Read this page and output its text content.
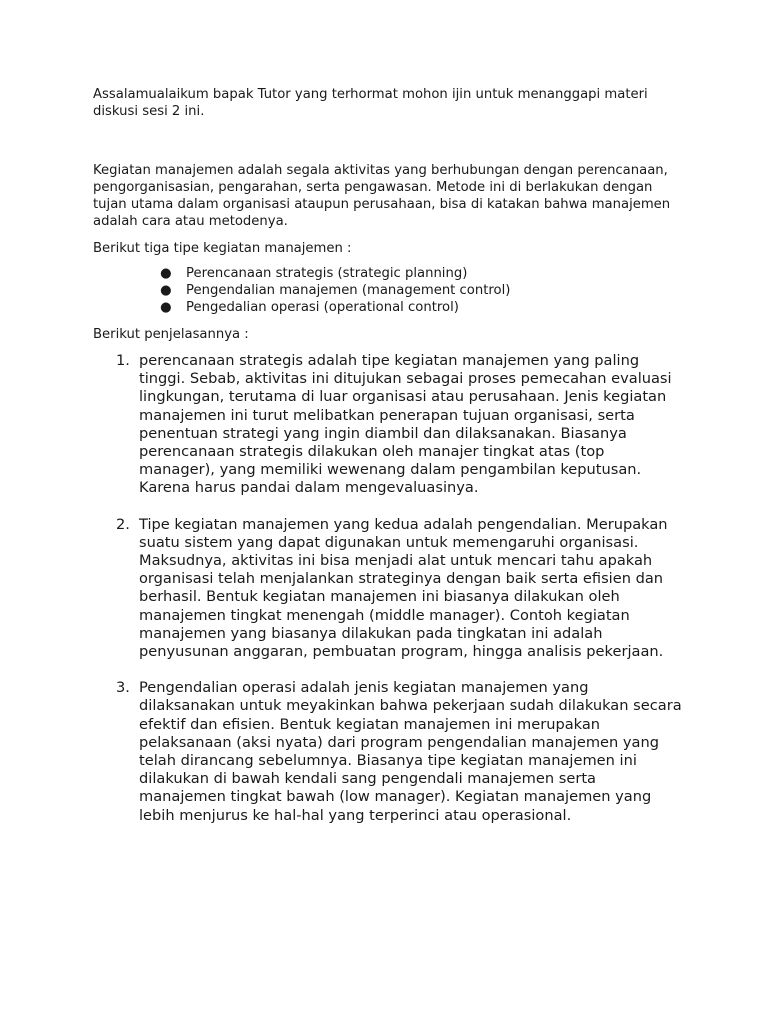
Assalamualaikum bapak Tutor yang terhormat mohon ijin untuk menanggapi materi diskusi sesi 2 ini.

Kegiatan manajemen adalah segala aktivitas yang berhubungan dengan perencanaan, pengorganisasian, pengarahan, serta pengawasan. Metode ini di berlakukan dengan tujan utama dalam organisasi ataupun perusahaan, bisa di katakan bahwa manajemen adalah cara atau metodenya.

Berikut tiga tipe kegiatan manajemen :

● Perencanaan strategis (strategic planning)
● Pengendalian manajemen (management control)
● Pengedalian operasi (operational control)

Berikut penjelasannya :

1. perencanaan strategis adalah tipe kegiatan manajemen yang paling tinggi. Sebab, aktivitas ini ditujukan sebagai proses pemecahan evaluasi lingkungan, terutama di luar organisasi atau perusahaan. Jenis kegiatan manajemen ini turut melibatkan penerapan tujuan organisasi, serta penentuan strategi yang ingin diambil dan dilaksanakan. Biasanya perencanaan strategis dilakukan oleh manajer tingkat atas (top manager), yang memiliki wewenang dalam pengambilan keputusan. Karena harus pandai dalam mengevaluasinya.
2. Tipe kegiatan manajemen yang kedua adalah pengendalian. Merupakan suatu sistem yang dapat digunakan untuk memengaruhi organisasi. Maksudnya, aktivitas ini bisa menjadi alat untuk mencari tahu apakah organisasi telah menjalankan strateginya dengan baik serta efisien dan berhasil. Bentuk kegiatan manajemen ini biasanya dilakukan oleh manajemen tingkat menengah (middle manager). Contoh kegiatan manajemen yang biasanya dilakukan pada tingkatan ini adalah penyusunan anggaran, pembuatan program, hingga analisis pekerjaan.
3. Pengendalian operasi adalah jenis kegiatan manajemen yang dilaksanakan untuk meyakinkan bahwa pekerjaan sudah dilakukan secara efektif dan efisien. Bentuk kegiatan manajemen ini merupakan pelaksanaan (aksi nyata) dari program pengendalian manajemen yang telah dirancang sebelumnya. Biasanya tipe kegiatan manajemen ini dilakukan di bawah kendali sang pengendali manajemen serta manajemen tingkat bawah (low manager). Kegiatan manajemen yang lebih menjurus ke hal-hal yang terperinci atau operasional.
